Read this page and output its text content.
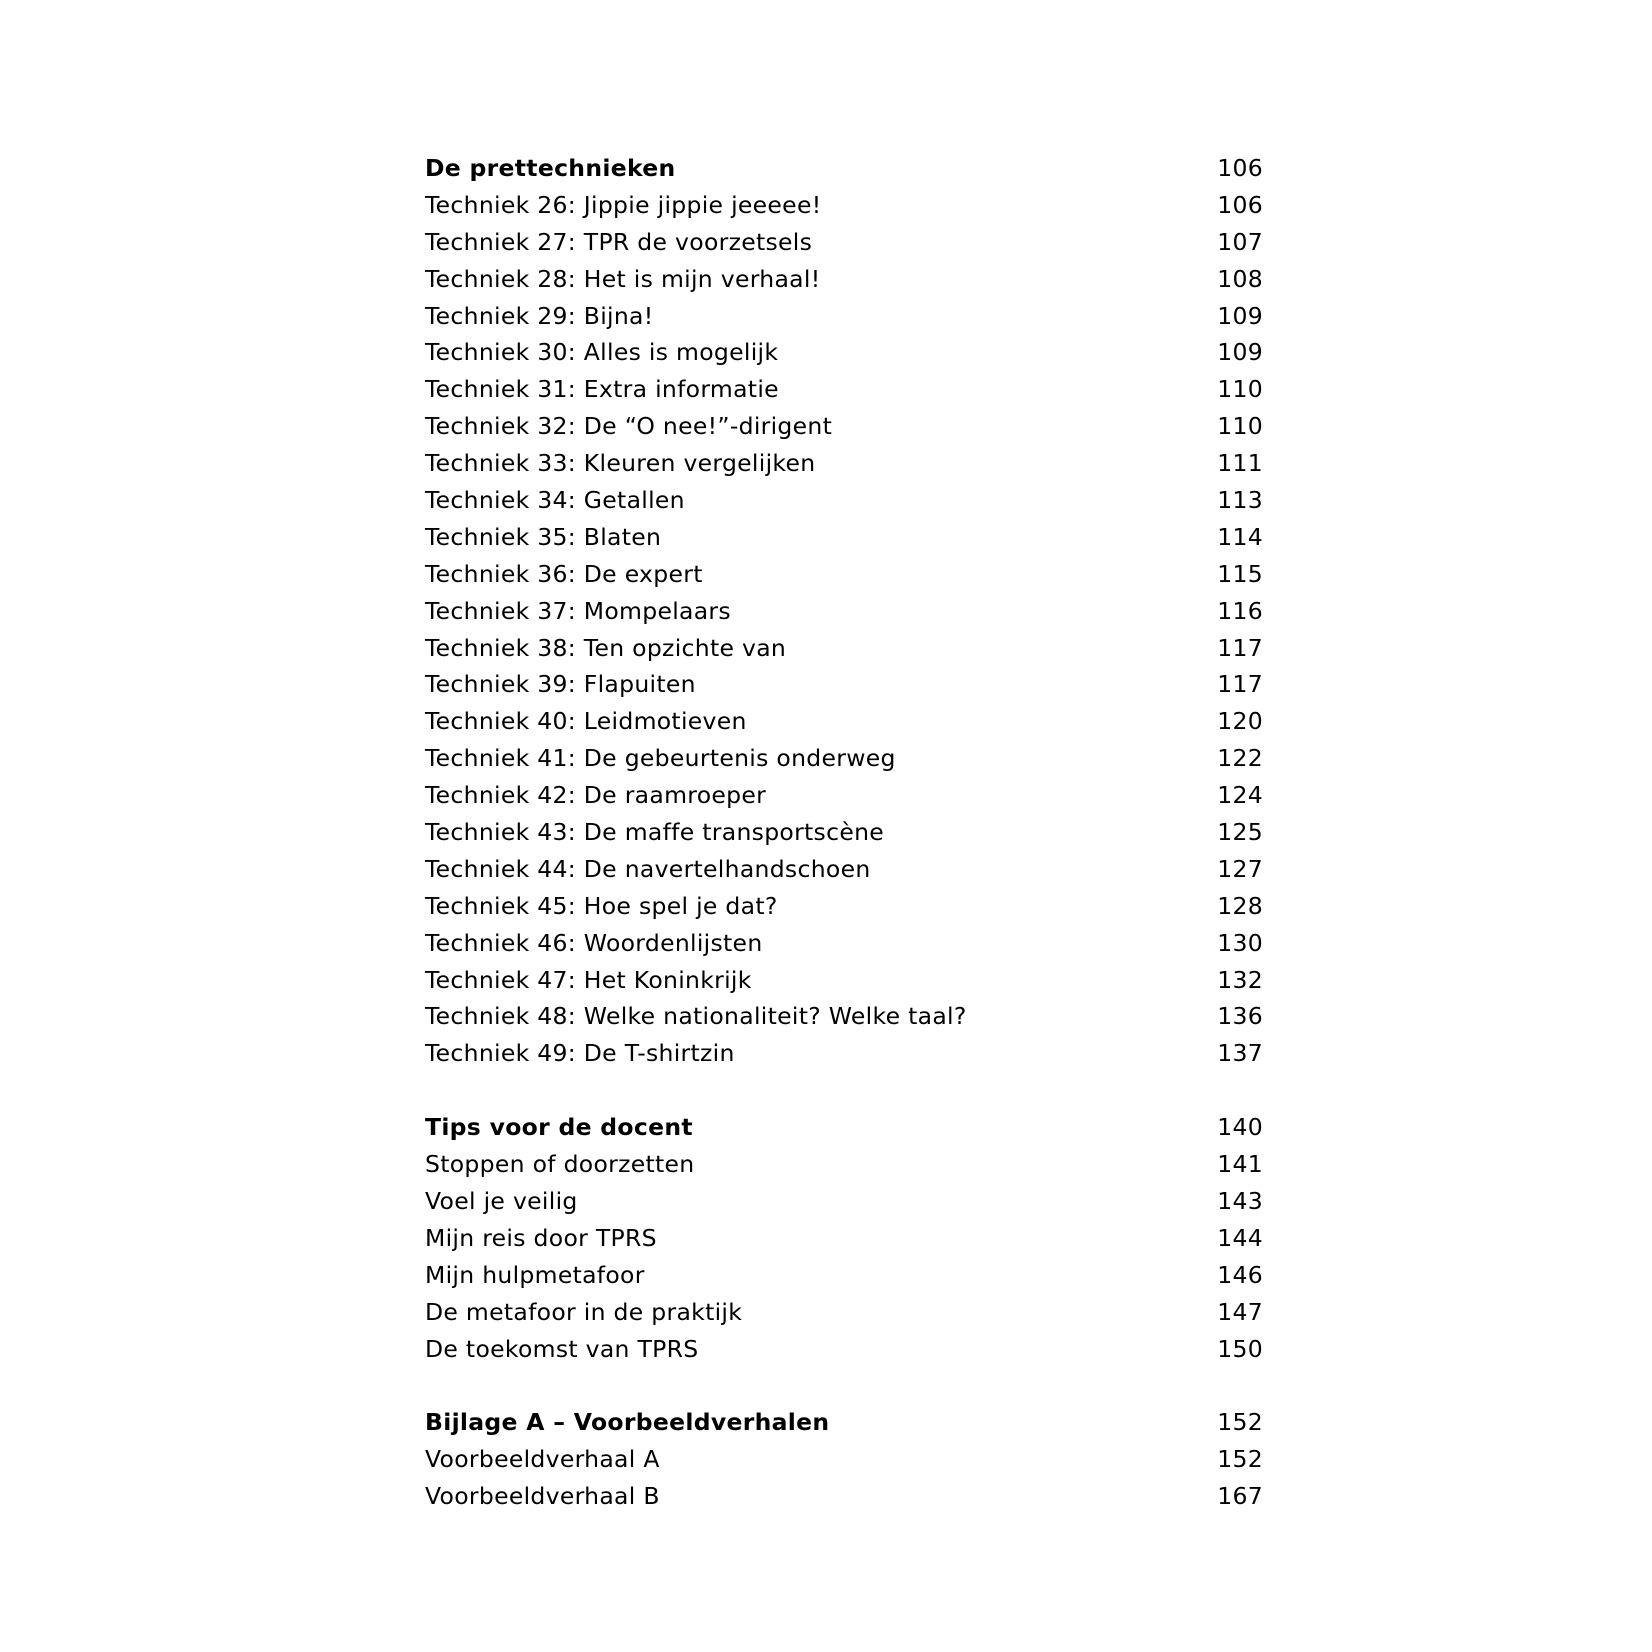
De prettechnieken	106
Techniek 26: Jippie jippie jeeeee!	106
Techniek 27: TPR de voorzetsels	107
Techniek 28: Het is mijn verhaal!	108
Techniek 29: Bijna!	109
Techniek 30: Alles is mogelijk	109
Techniek 31: Extra informatie	110
Techniek 32: De “O nee!”-dirigent	110
Techniek 33: Kleuren vergelijken	111
Techniek 34: Getallen	113
Techniek 35: Blaten	114
Techniek 36: De expert	115
Techniek 37: Mompelaars	116
Techniek 38: Ten opzichte van	117
Techniek 39: Flapuiten	117
Techniek 40: Leidmotieven	120
Techniek 41: De gebeurtenis onderweg	122
Techniek 42: De raamroeper	124
Techniek 43: De maffe transportscène	125
Techniek 44: De navertelhandschoen	127
Techniek 45: Hoe spel je dat?	128
Techniek 46: Woordenlijsten	130
Techniek 47: Het Koninkrijk	132
Techniek 48: Welke nationaliteit? Welke taal?	136
Techniek 49: De T-shirtzin	137
Tips voor de docent	140
Stoppen of doorzetten	141
Voel je veilig	143
Mijn reis door TPRS	144
Mijn hulpmetafoor	146
De metafoor in de praktijk	147
De toekomst van TPRS	150
Bijlage A – Voorbeeldverhalen	152
Voorbeeldverhaal A	152
Voorbeeldverhaal B	167
